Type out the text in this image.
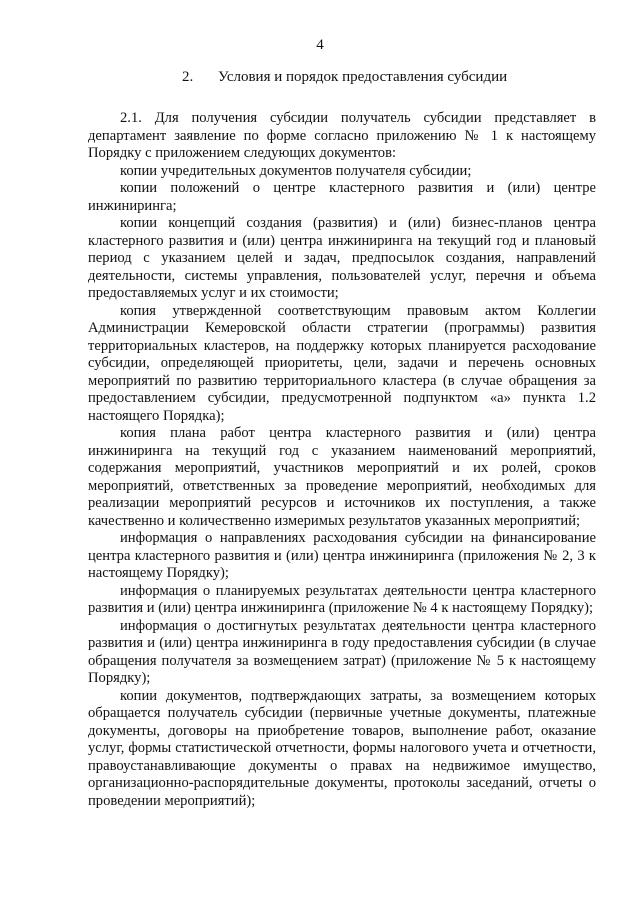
4
2. Условия и порядок предоставления субсидии

2.1. Для получения субсидии получатель субсидии представляет в департамент заявление по форме согласно приложению № 1 к настоящему Порядку с приложением следующих документов:

копии учредительных документов получателя субсидии;

копии положений о центре кластерного развития и (или) центре инжиниринга;

копии концепций создания (развития) и (или) бизнес-планов центра кластерного развития и (или) центра инжиниринга на текущий год и плановый период с указанием целей и задач, предпосылок создания, направлений деятельности, системы управления, пользователей услуг, перечня и объема предоставляемых услуг и их стоимости;

копия утвержденной соответствующим правовым актом Коллегии Администрации Кемеровской области стратегии (программы) развития территориальных кластеров, на поддержку которых планируется расходование субсидии, определяющей приоритеты, цели, задачи и перечень основных мероприятий по развитию территориального кластера (в случае обращения за предоставлением субсидии, предусмотренной подпунктом «а» пункта 1.2 настоящего Порядка);

копия плана работ центра кластерного развития и (или) центра инжиниринга на текущий год с указанием наименований мероприятий, содержания мероприятий, участников мероприятий и их ролей, сроков мероприятий, ответственных за проведение мероприятий, необходимых для реализации мероприятий ресурсов и источников их поступления, а также качественно и количественно измеримых результатов указанных мероприятий;

информация о направлениях расходования субсидии на финансирование центра кластерного развития и (или) центра инжиниринга (приложения № 2, 3 к настоящему Порядку);

информация о планируемых результатах деятельности центра кластерного развития и (или) центра инжиниринга (приложение № 4 к настоящему Порядку);

информация о достигнутых результатах деятельности центра кластерного развития и (или) центра инжиниринга в году предоставления субсидии (в случае обращения получателя за возмещением затрат) (приложение № 5 к настоящему Порядку);

копии документов, подтверждающих затраты, за возмещением которых обращается получатель субсидии (первичные учетные документы, платежные документы, договоры на приобретение товаров, выполнение работ, оказание услуг, формы статистической отчетности, формы налогового учета и отчетности, правоустанавливающие документы о правах на недвижимое имущество, организационно-распорядительные документы, протоколы заседаний, отчеты о проведении мероприятий);
